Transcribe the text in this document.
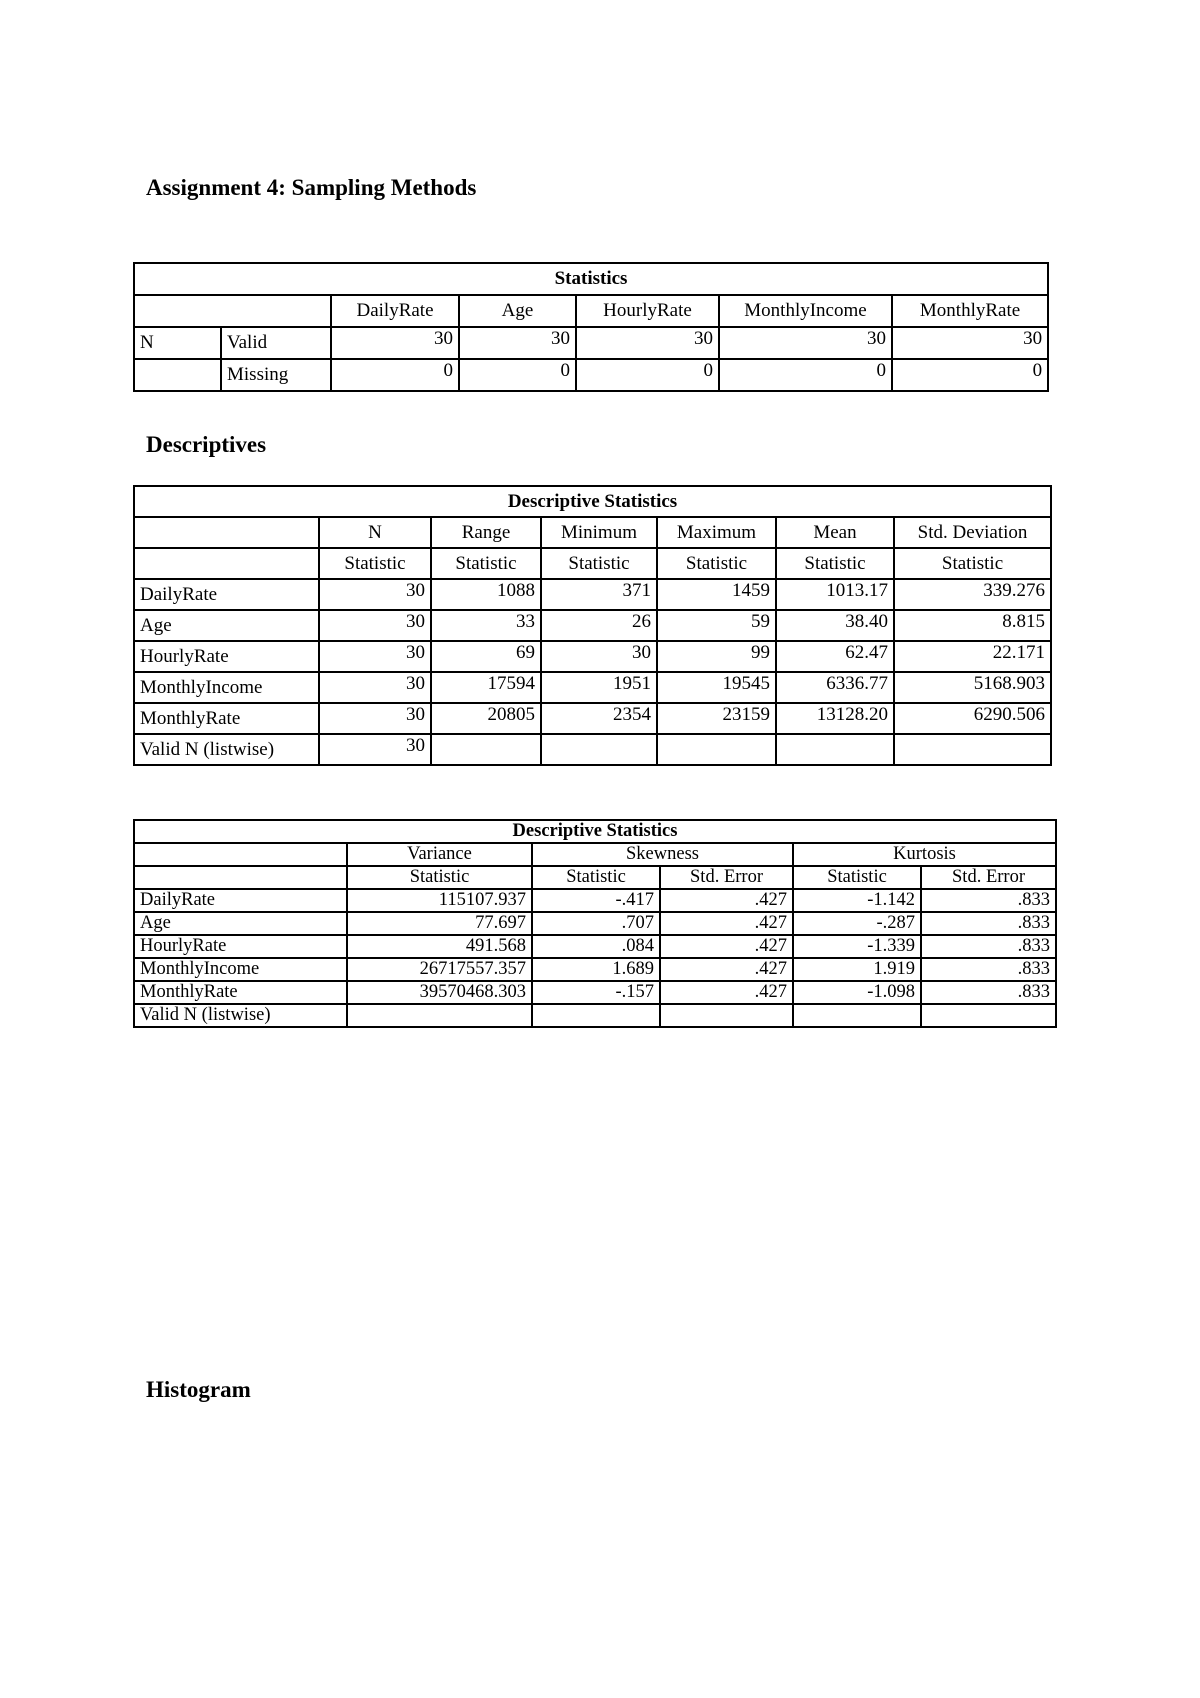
Assignment 4: Sampling Methods
Statistics						
		DailyRate	Age	HourlyRate	MonthlyIncome	MonthlyRate
N	Valid	30	30	30	30	30
	Missing	0	0	0	0	0
Descriptives
Descriptive Statistics						
	N	Range	Minimum	Maximum	Mean	Std. Deviation
	Statistic	Statistic	Statistic	Statistic	Statistic	Statistic
DailyRate	30	1088	371	1459	1013.17	339.276
Age	30	33	26	59	38.40	8.815
HourlyRate	30	69	30	99	62.47	22.171
MonthlyIncome	30	17594	1951	19545	6336.77	5168.903
MonthlyRate	30	20805	2354	23159	13128.20	6290.506
Valid N (listwise)	30					
Descriptive Statistics					
	Variance	Skewness		Kurtosis	
	Statistic	Statistic	Std. Error	Statistic	Std. Error
DailyRate	115107.937	-.417	.427	-1.142	.833
Age	77.697	.707	.427	-.287	.833
HourlyRate	491.568	.084	.427	-1.339	.833
MonthlyIncome	26717557.357	1.689	.427	1.919	.833
MonthlyRate	39570468.303	-.157	.427	-1.098	.833
Valid N (listwise)					
Histogram
